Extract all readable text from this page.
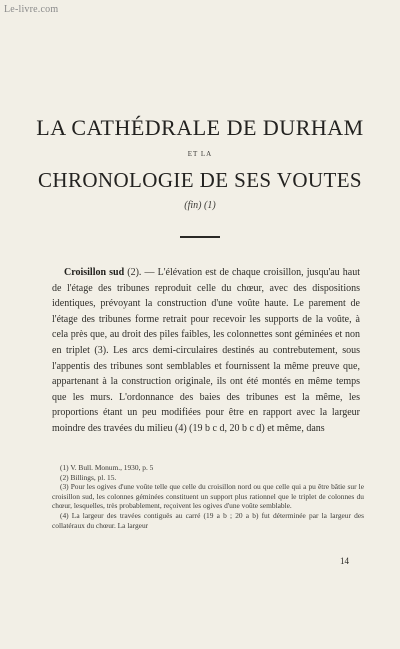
Le-livre.com
LA CATHÉDRALE DE DURHAM
ET LA
CHRONOLOGIE DE SES VOUTES
(fin) (1)
Croisillon sud (2). — L'élévation est de chaque croisillon, jusqu'au haut de l'étage des tribunes reproduit celle du chœur, avec des dispositions identiques, prévoyant la construction d'une voûte haute. Le parement de l'étage des tribunes forme retrait pour recevoir les supports de la voûte, à cela près que, au droit des piles faibles, les colonnettes sont géminées et non en triplet (3). Les arcs demi-circulaires destinés au contrebutement, sous l'appentis des tribunes sont semblables et fournissent la même preuve que, appartenant à la construction originale, ils ont été montés en même temps que les murs. L'ordonnance des baies des tribunes est la même, les proportions étant un peu modifiées pour être en rapport avec la largeur moindre des travées du milieu (4) (19 b c d, 20 b c d) et même, dans

(1) V. Bull. Monum., 1930, p. 5

(2) Billings, pl. 15.

(3) Pour les ogives d'une voûte telle que celle du croisillon nord ou que celle qui a pu être bâtie sur le croisillon sud, les colonnes géminées constituent un support plus rationnel que le triplet de colonnes du chœur, lesquelles, très probablement, reçoivent les ogives d'une voûte semblable.

(4) La largeur des travées contiguës au carré (19 a b ; 20 a b) fut déterminée par la largeur des collatéraux du chœur. La largeur

14
